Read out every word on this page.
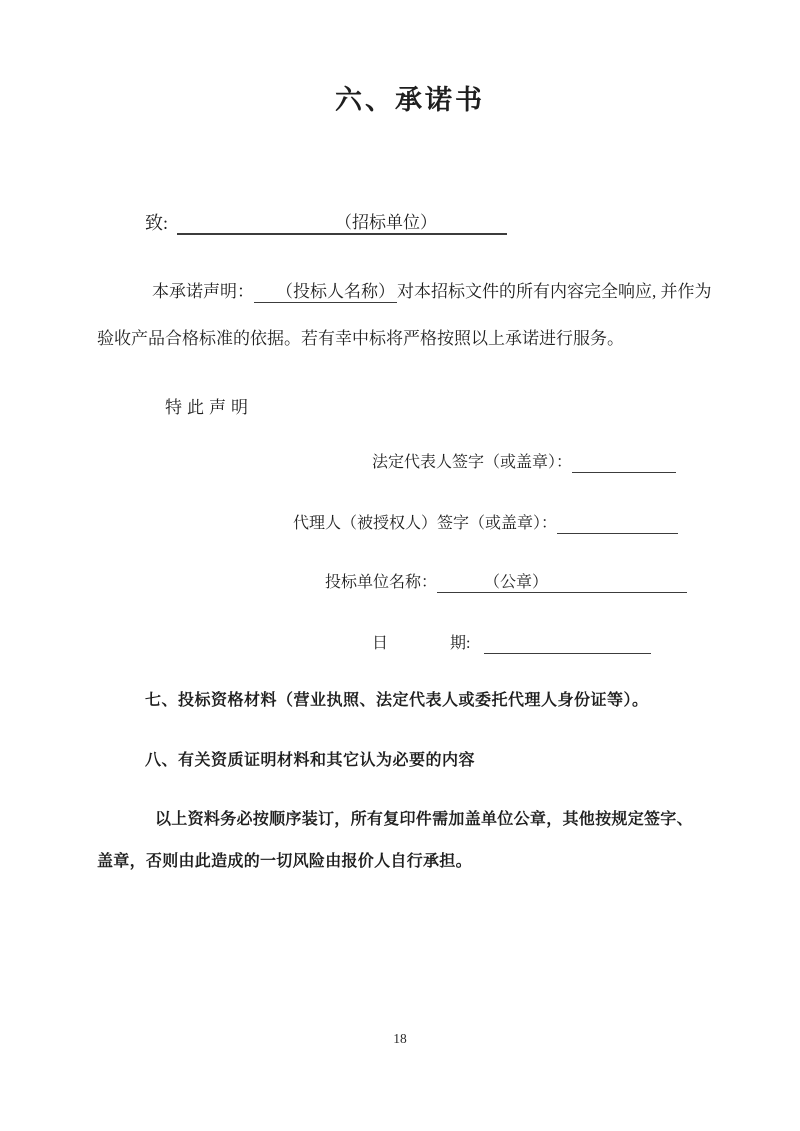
六、承诺书
致:	（招标单位）
本承诺声明： （投标人名称） 对本招标文件的所有内容完全响应, 并作为
验收产品合格标准的依据。若有幸中标将严格按照以上承诺进行服务。
特此声明
法定代表人签字（或盖章）：
代理人（被授权人）签字（或盖章）：
投标单位名称：	（公章）
日	期:
七、投标资格材料（营业执照、法定代表人或委托代理人身份证等）。
八、有关资质证明材料和其它认为必要的内容
以上资料务必按顺序装订，所有复印件需加盖单位公章，其他按规定签字、
盖章，否则由此造成的一切风险由报价人自行承担。
18
